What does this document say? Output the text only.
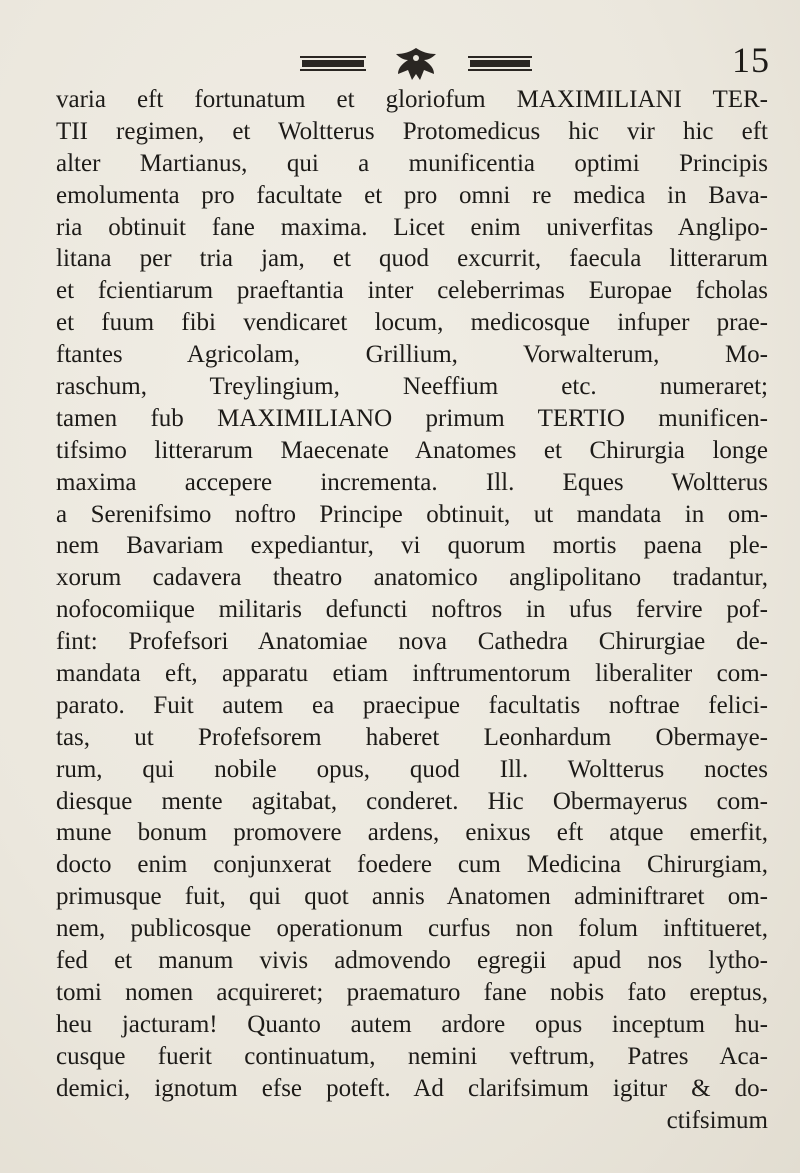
15
varia eft fortunatum et gloriofum MAXIMILIANI TER-
TII regimen, et Woltterus Protomedicus hic vir hic eft
alter Martianus, qui a munificentia optimi Principis
emolumenta pro facultate et pro omni re medica in Bava-
ria obtinuit fane maxima. Licet enim univerfitas Anglipo-
litana per tria jam, et quod excurrit, faecula litterarum
et fcientiarum praeftantia inter celeberrimas Europae fcholas
et fuum fibi vendicaret locum, medicosque infuper prae-
ftantes Agricolam, Grillium, Vorwalterum, Mo-
raschum, Treylingium, Neeffium etc. numeraret;
tamen fub MAXIMILIANO primum TERTIO munificen-
tifsimo litterarum Maecenate Anatomes et Chirurgia longe
maxima accepere incrementa. Ill. Eques Woltterus
a Serenifsimo noftro Principe obtinuit, ut mandata in om-
nem Bavariam expediantur, vi quorum mortis paena ple-
xorum cadavera theatro anatomico anglipolitano tradantur,
nofocomiique militaris defuncti noftros in ufus fervire pof-
fint: Profefsori Anatomiae nova Cathedra Chirurgiae de-
mandata eft, apparatu etiam inftrumentorum liberaliter com-
parato. Fuit autem ea praecipue facultatis noftrae felici-
tas, ut Profefsorem haberet Leonhardum Obermaye-
rum, qui nobile opus, quod Ill. Woltterus noctes
diesque mente agitabat, conderet. Hic Obermayerus com-
mune bonum promovere ardens, enixus eft atque emerfit,
docto enim conjunxerat foedere cum Medicina Chirurgiam,
primusque fuit, qui quot annis Anatomen adminiftraret om-
nem, publicosque operationum curfus non folum inftitueret,
fed et manum vivis admovendo egregii apud nos lytho-
tomi nomen acquireret; praematuro fane nobis fato ereptus,
heu jacturam! Quanto autem ardore opus inceptum hu-
cusque fuerit continuatum, nemini veftrum, Patres Aca-
demici, ignotum efse poteft. Ad clarifsimum igitur & do-
ctifsimum
